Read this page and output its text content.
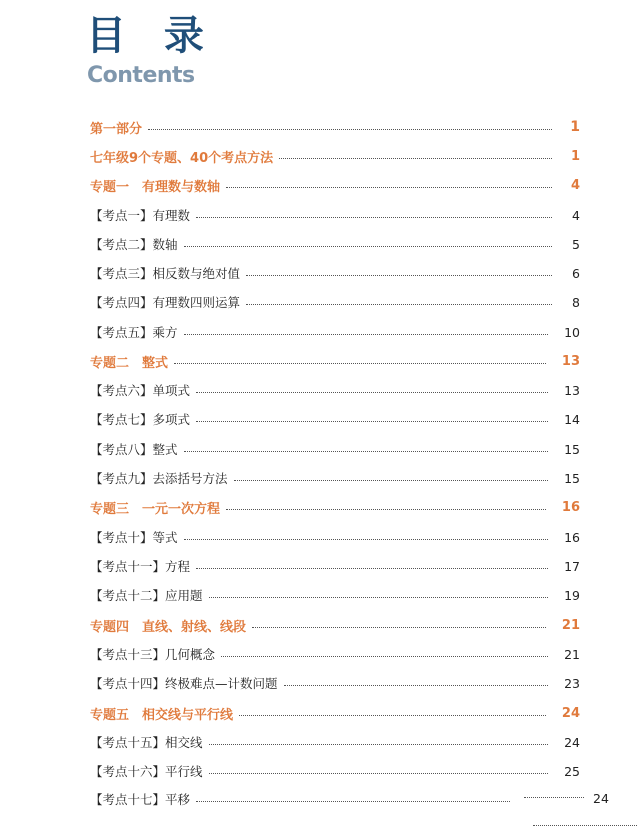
目 录
Contents
第一部分	1
七年级9个专题、40个考点方法	1
专题一　有理数与数轴	4
【考点一】有理数	4
【考点二】数轴	5
【考点三】相反数与绝对值	6
【考点四】有理数四则运算	8
【考点五】乘方	10
专题二　整式	13
【考点六】单项式	13
【考点七】多项式	14
【考点八】整式	15
【考点九】去添括号方法	15
专题三　一元一次方程	16
【考点十】等式	16
【考点十一】方程	17
【考点十二】应用题	19
专题四　直线、射线、线段	21
【考点十三】几何概念	21
【考点十四】终极难点—计数问题	23
专题五　相交线与平行线	24
【考点十五】相交线	24
【考点十六】平行线	25
【考点十七】平移	24
